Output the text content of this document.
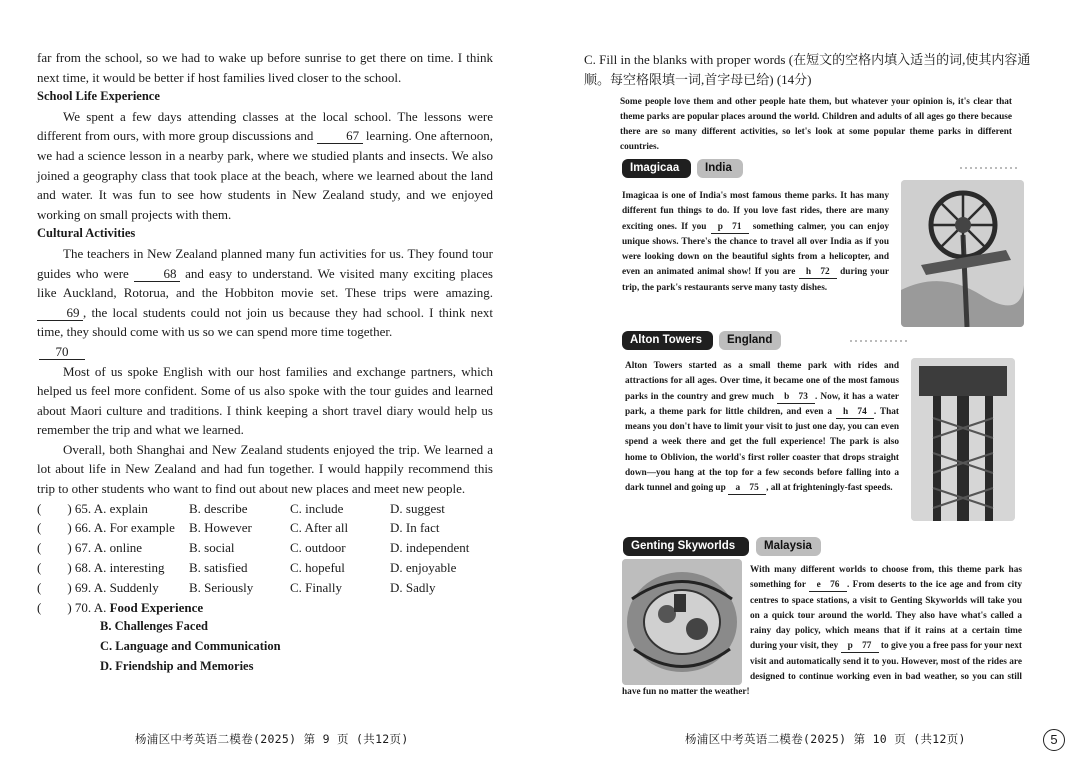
far from the school, so we had to wake up before sunrise to get there on time. I think next time, it would be better if host families lived closer to the school.

School Life Experience

We spent a few days attending classes at the local school. The lessons were different from ours, with more group discussions and 67 learning. One afternoon, we had a science lesson in a nearby park, where we studied plants and insects. We also joined a geography class that took place at the beach, where we learned about the land and water. It was fun to see how students in New Zealand study, and we enjoyed working on small projects with them.

Cultural Activities

The teachers in New Zealand planned many fun activities for us. They found tour guides who were 68 and easy to understand. We visited many exciting places like Auckland, Rotorua, and the Hobbiton movie set. These trips were amazing. 69 , the local students could not join us because they had school. I think next time, they should come with us so we can spend more time together.

70

Most of us spoke English with our host families and exchange partners, which helped us feel more confident. Some of us also spoke with the tour guides and learned about Maori culture and traditions. I think keeping a short travel diary would help us remember the trip and what we learned.

Overall, both Shanghai and New Zealand students enjoyed the trip. We learned a lot about life in New Zealand and had fun together. I would happily recommend this trip to other students who want to find out about new places and meet new people.

(　　) 65. A. explain	B. describe	C. include	D. suggest
(　　) 66. A. For example	B. However	C. After all	D. In fact
(　　) 67. A. online	B. social	C. outdoor	D. independent
(　　) 68. A. interesting	B. satisfied	C. hopeful	D. enjoyable
(　　) 69. A. Suddenly	B. Seriously	C. Finally	D. Sadly
(　　) 70. A. Food Experience
B. Challenges Faced
C. Language and Communication
D. Friendship and Memories
杨浦区中考英语二模卷(2025) 第 9 页 (共12页)
C. Fill in the blanks with proper words (在短文的空格内填入适当的词,使其内容通顺。每空格限填一词,首字母已给) (14分)
Some people love them and other people hate them, but whatever your opinion is, it's clear that theme parks are popular places around the world. Children and adults of all ages go there because there are so many different activities, so let's look at some popular theme parks in different countries.
Imagicaa	India
Imagicaa is one of India's most famous theme parks. It has many different fun things to do. If you love fast rides, there are many exciting ones. If you p　71 something calmer, you can enjoy unique shows. There's the chance to travel all over India as if you were looking down on the beautiful sights from a helicopter, and even an animated animal show! If you are h　72 during your trip, the park's restaurants serve many tasty dishes.
Alton Towers	England
Alton Towers started as a small theme park with rides and attractions for all ages. Over time, it became one of the most famous parks in the country and grew much b　73 . Now, it has a water park, a theme park for little children, and even a h　74 . That means you don't have to limit your visit to just one day, you can even spend a week there and get the full experience! The park is also home to Oblivion, the world's first roller coaster that drops straight down—you hang at the top for a few seconds before falling into a dark tunnel and going up a　75 , all at frighteningly-fast speeds.
Genting Skyworlds	Malaysia
With many different worlds to choose from, this theme park has something for e　76 . From deserts to the ice age and from city centres to space stations, a visit to Genting Skyworlds will take you on a quick tour around the world. They also have what's called a rainy day policy, which means that if it rains at a certain time during your visit, they p　77 to give you a free pass for your next visit and automatically send it to you. However, most of the rides are designed to continue working even in bad weather, so you can still have fun no matter the weather!
杨浦区中考英语二模卷(2025) 第 10 页 (共12页)	5
